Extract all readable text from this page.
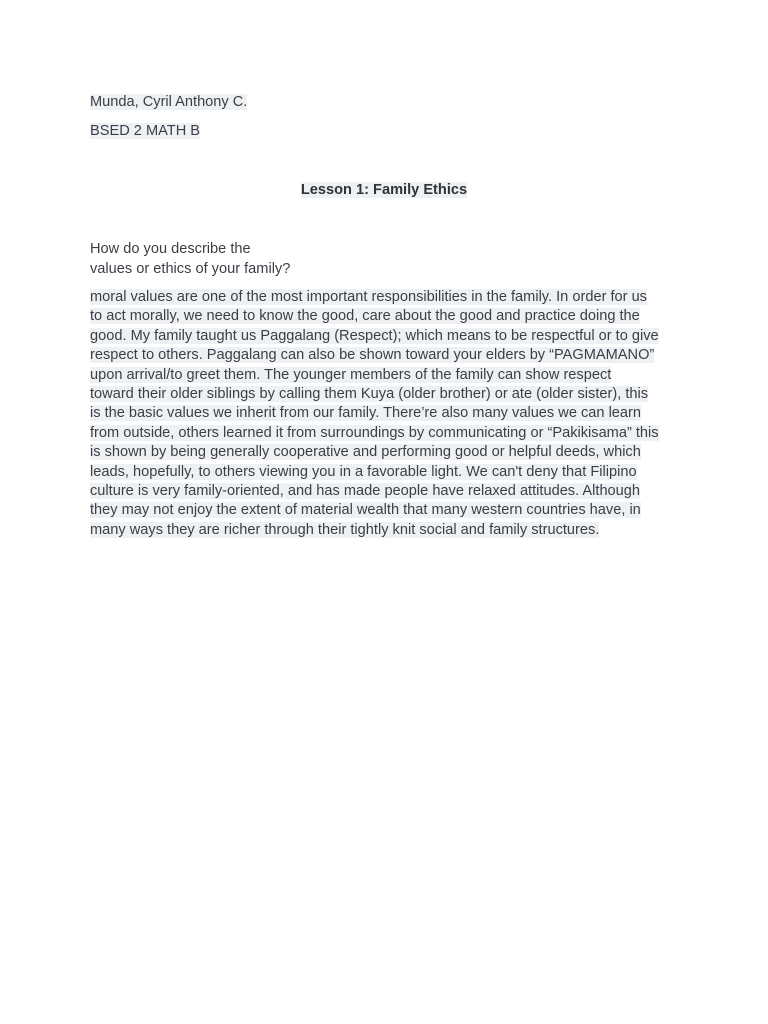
Munda, Cyril Anthony C.
BSED 2 MATH B
Lesson 1: Family Ethics
How do you describe the
values or ethics of your family?
moral values are one of the most important responsibilities in the family. In order for us
to act morally, we need to know the good, care about the good and practice doing the
good. My family taught us Paggalang (Respect); which means to be respectful or to give
respect to others. Paggalang can also be shown toward your elders by “PAGMAMANO”
upon arrival/to greet them. The younger members of the family can show respect
toward their older siblings by calling them Kuya (older brother) or ate (older sister), this
is the basic values we inherit from our family. There’re also many values we can learn
from outside, others learned it from surroundings by communicating or “Pakikisama” this
is shown by being generally cooperative and performing good or helpful deeds, which
leads, hopefully, to others viewing you in a favorable light. We can't deny that Filipino
culture is very family-oriented, and has made people have relaxed attitudes. Although
they may not enjoy the extent of material wealth that many western countries have, in
many ways they are richer through their tightly knit social and family structures.
